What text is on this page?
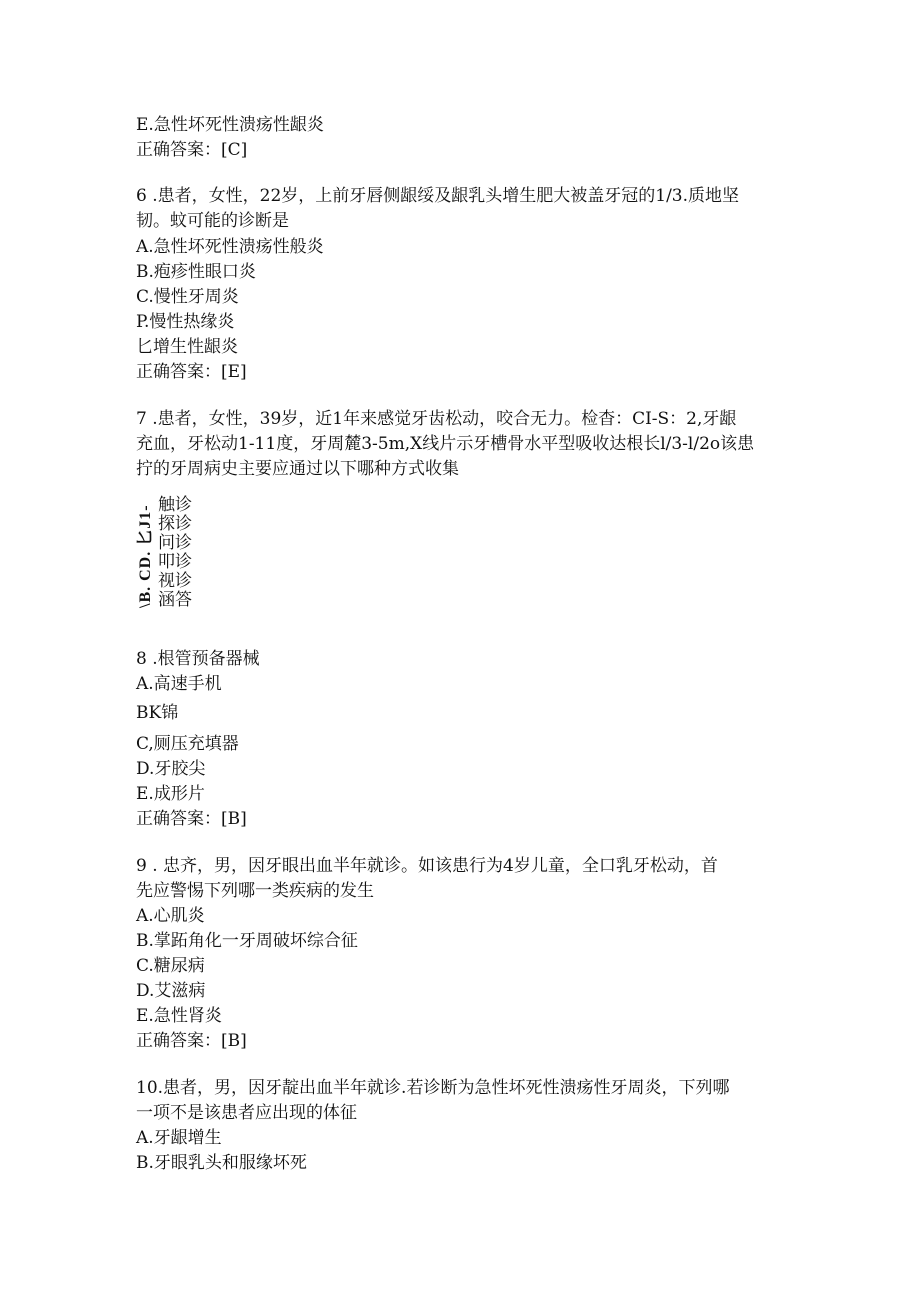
E.急性坏死性溃疡性龈炎
正确答案：[C]
6 .患者，女性，22岁，上前牙唇侧龈绥及龈乳头增生肥大被盖牙冠的1/3.质地坚
韧。蚊可能的诊断是
A.急性坏死性溃疡性般炎
B.疱疹性眼口炎
C.慢性牙周炎
P.慢性热缘炎
匕增生性龈炎
正确答案：[E]
7 .患者，女性，39岁，近1年来感觉牙齿松动，咬合无力。检杳：CI-S：2,牙龈
充血，牙松动1-11度，牙周麓3-5m,X线片示牙槽骨水平型吸收达根长l/3-l/2o该患
拧的牙周病史主要应通过以下哪种方式收集
\B. CD. 匕J1- 触诊
探诊
问诊
叩诊
视诊
涵答
8 .根管预备器械
A.高速手机
BK锦
C,厕压充填器
D.牙胶尖
E.成形片
正确答案：[B]
9 . 忠齐，男，因牙眼出血半年就诊。如该患行为4岁儿童，全口乳牙松动，首
先应警惕下列哪一类疾病的发生
A.心肌炎
B.掌跖角化一牙周破坏综合征
C.糖尿病
D.艾滋病
E.急性肾炎
正确答案：[B]
10.患者，男，因牙靛出血半年就诊.若诊断为急性坏死性溃疡性牙周炎，下列哪
一项不是该患者应出现的体征
A.牙龈增生
B.牙眼乳头和服缘坏死
